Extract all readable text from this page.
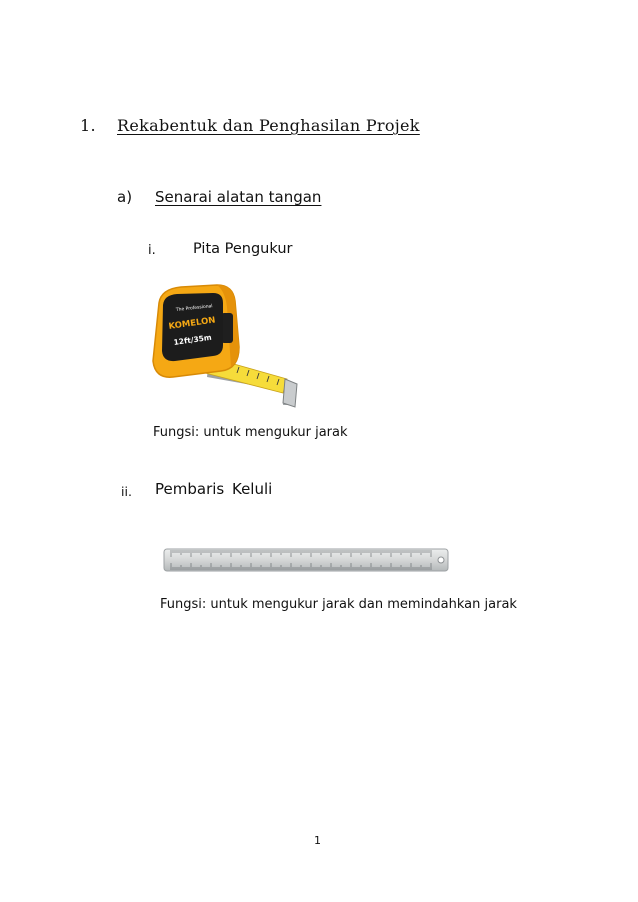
1. Rekabentuk dan Penghasilan Projek
a) Senarai alatan tangan
i.	Pita Pengukur
The Professional
KOMELON
12ft/35m
Fungsi: untuk mengukur jarak
ii. Pembaris Keluli
Fungsi: untuk mengukur jarak dan memindahkan jarak
1
